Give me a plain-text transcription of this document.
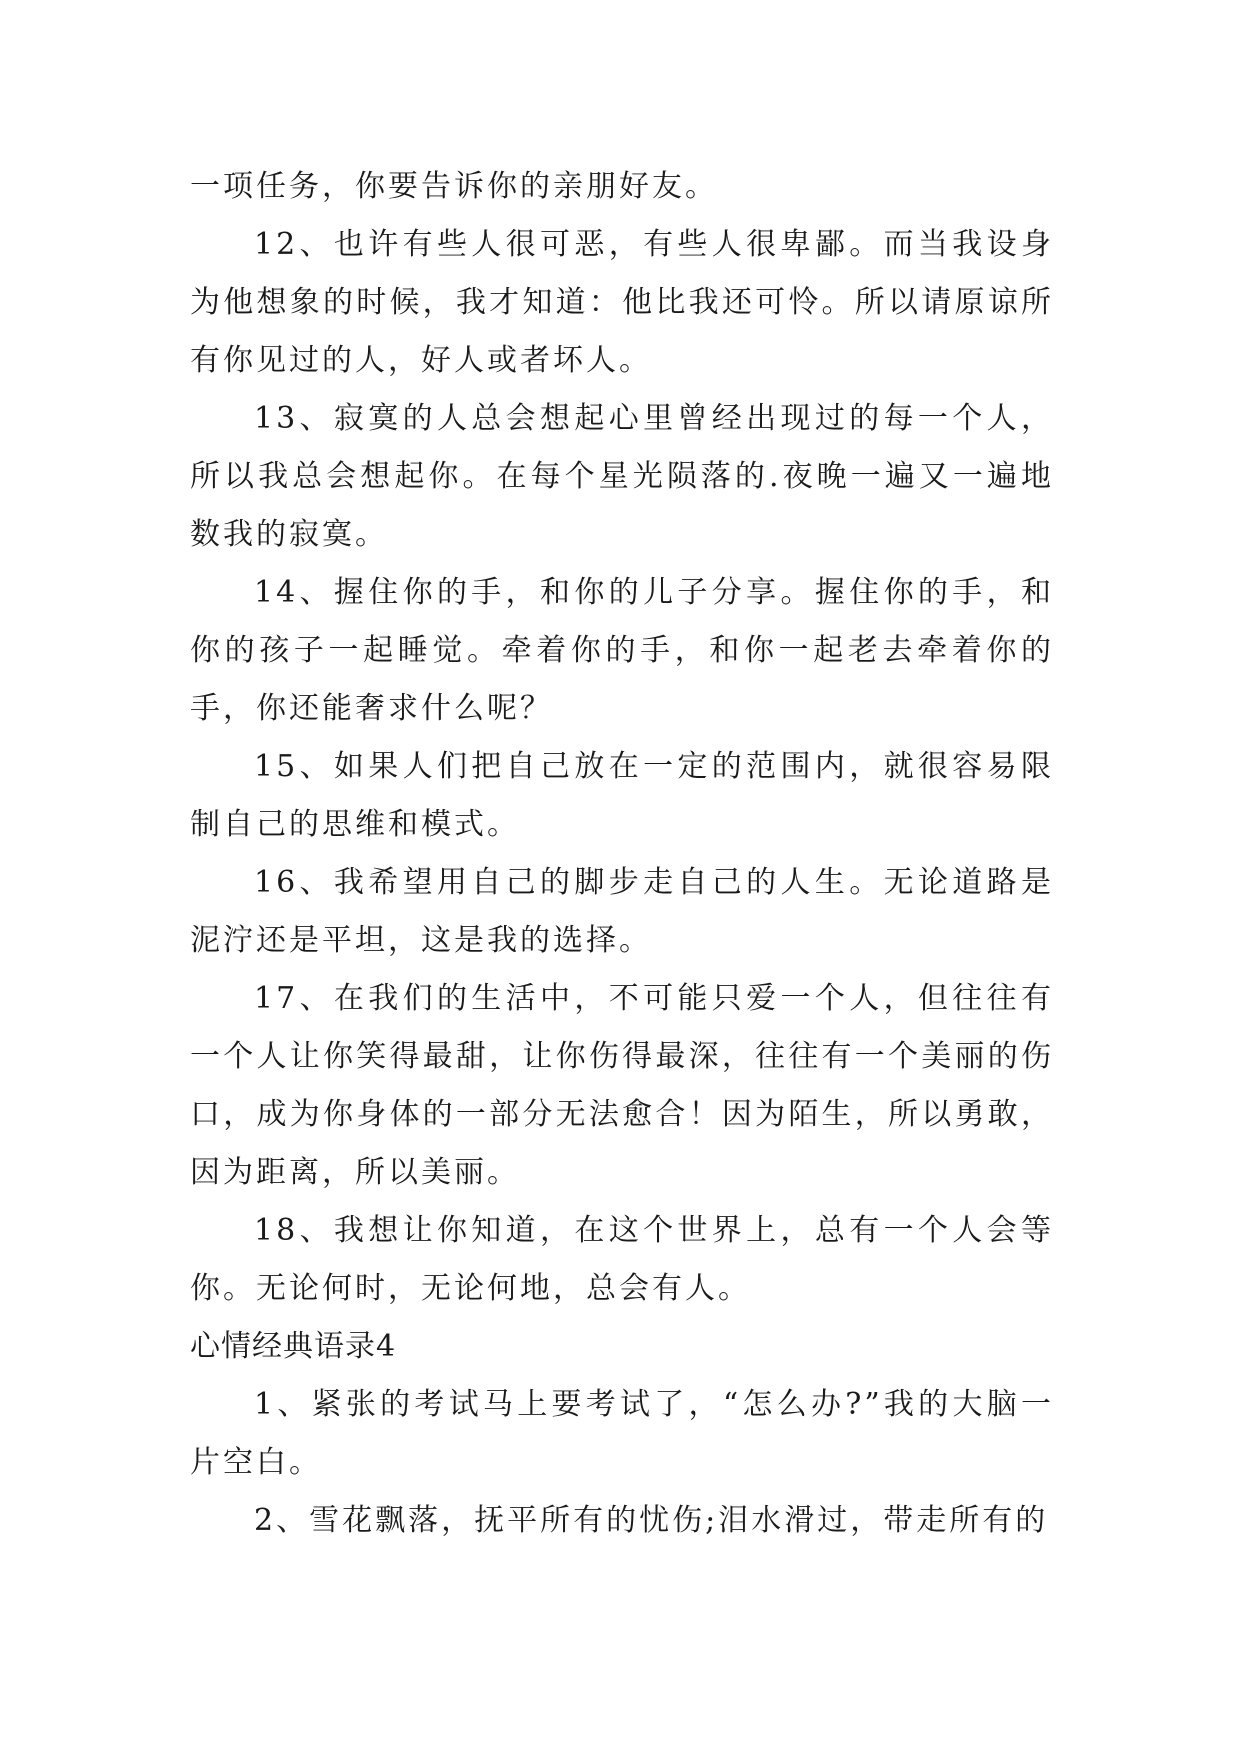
一项任务，你要告诉你的亲朋好友。

12、也许有些人很可恶，有些人很卑鄙。而当我设身为他想象的时候，我才知道：他比我还可怜。所以请原谅所有你见过的人，好人或者坏人。

13、寂寞的人总会想起心里曾经出现过的每一个人，所以我总会想起你。在每个星光陨落的.夜晚一遍又一遍地数我的寂寞。

14、握住你的手，和你的儿子分享。握住你的手，和你的孩子一起睡觉。牵着你的手，和你一起老去牵着你的手，你还能奢求什么呢？

15、如果人们把自己放在一定的范围内，就很容易限制自己的思维和模式。

16、我希望用自己的脚步走自己的人生。无论道路是泥泞还是平坦，这是我的选择。

17、在我们的生活中，不可能只爱一个人，但往往有一个人让你笑得最甜，让你伤得最深，往往有一个美丽的伤口，成为你身体的一部分无法愈合！因为陌生，所以勇敢，因为距离，所以美丽。

18、我想让你知道，在这个世界上，总有一个人会等你。无论何时，无论何地，总会有人。

心情经典语录4

1、紧张的考试马上要考试了，“怎么办?”我的大脑一片空白。

2、雪花飘落，抚平所有的忧伤;泪水滑过，带走所有的
